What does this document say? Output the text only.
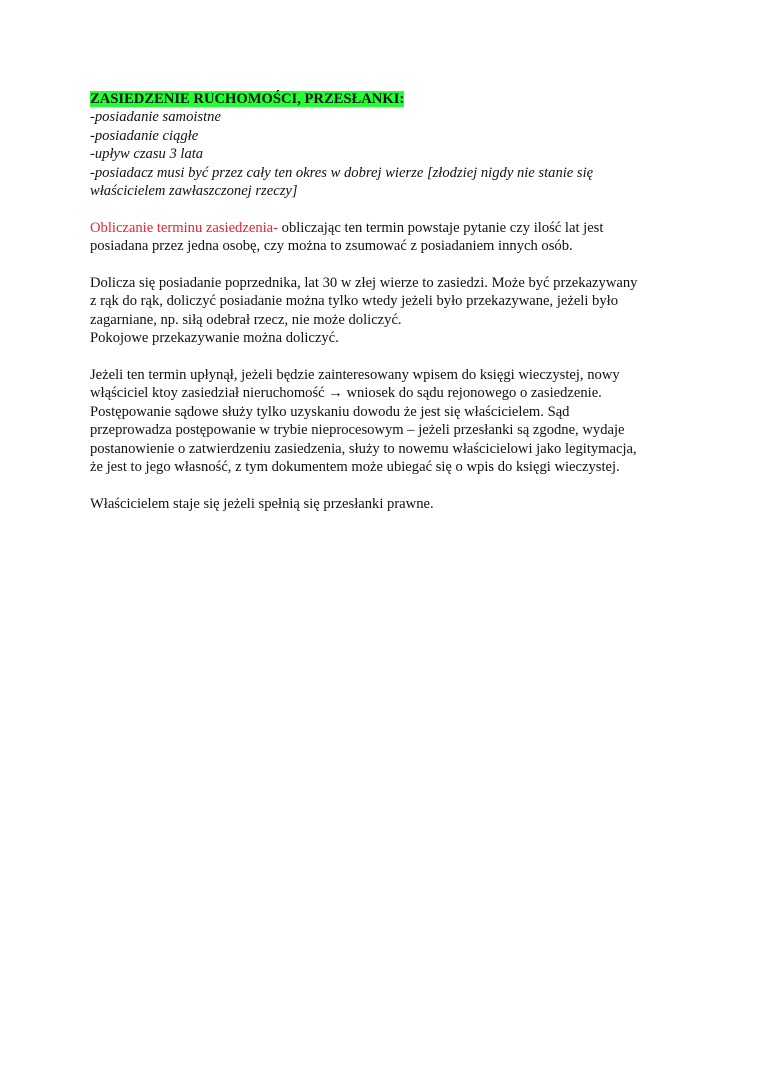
ZASIEDZENIE RUCHOMOŚCI, PRZESŁANKI:
-posiadanie samoistne
-posiadanie ciągłe
-upływ czasu 3 lata
-posiadacz musi być przez cały ten okres w dobrej wierze [złodziej nigdy nie stanie się
właścicielem zawłaszczonej rzeczy]
Obliczanie terminu zasiedzenia- obliczając ten termin powstaje pytanie czy ilość lat jest
posiadana przez jedna osobę, czy można to zsumować z posiadaniem innych osób.
Dolicza się posiadanie poprzednika, lat 30 w złej wierze to zasiedzi. Może być przekazywany
z rąk do rąk, doliczyć posiadanie można tylko wtedy jeżeli było przekazywane, jeżeli było
zagarniane, np. siłą odebrał rzecz, nie może doliczyć.
Pokojowe przekazywanie można doliczyć.
Jeżeli ten termin upłynął, jeżeli będzie zainteresowany wpisem do księgi wieczystej, nowy
włąściciel ktoy zasiedział nieruchomość → wniosek do sądu rejonowego o zasiedzenie.
Postępowanie sądowe służy tylko uzyskaniu dowodu że jest się właścicielem. Sąd
przeprowadza postępowanie w trybie nieprocesowym – jeżeli przesłanki są zgodne, wydaje
postanowienie o zatwierdzeniu zasiedzenia, służy to nowemu właścicielowi jako legitymacja,
że jest to jego własność, z tym dokumentem może ubiegać się o wpis do księgi wieczystej.
Właścicielem staje się jeżeli spełnią się przesłanki prawne.
